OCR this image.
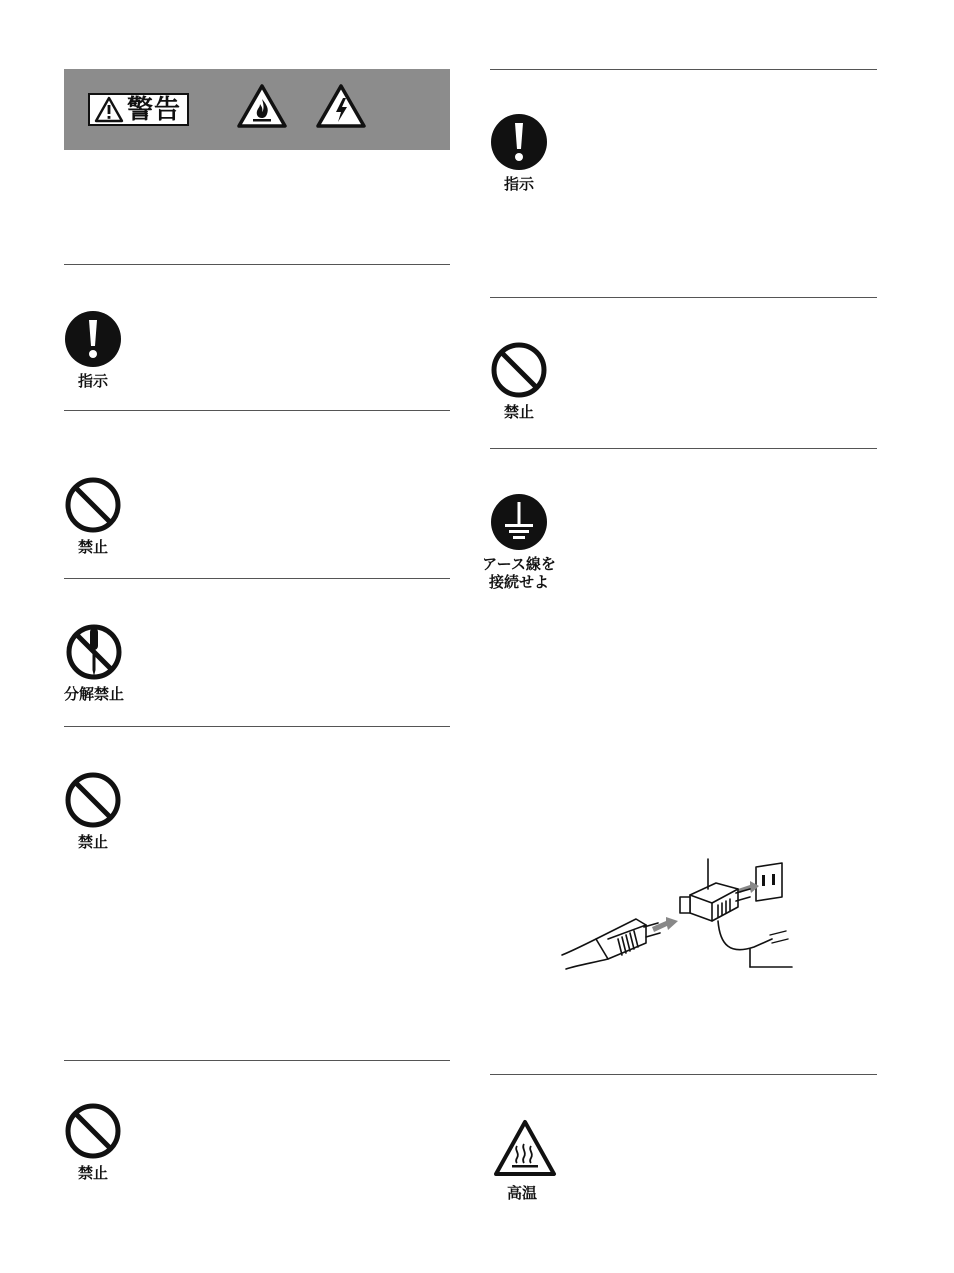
警告
指示
禁止
分解禁止
禁止
禁止
指示
禁止
アース線を
接続せよ
高温
